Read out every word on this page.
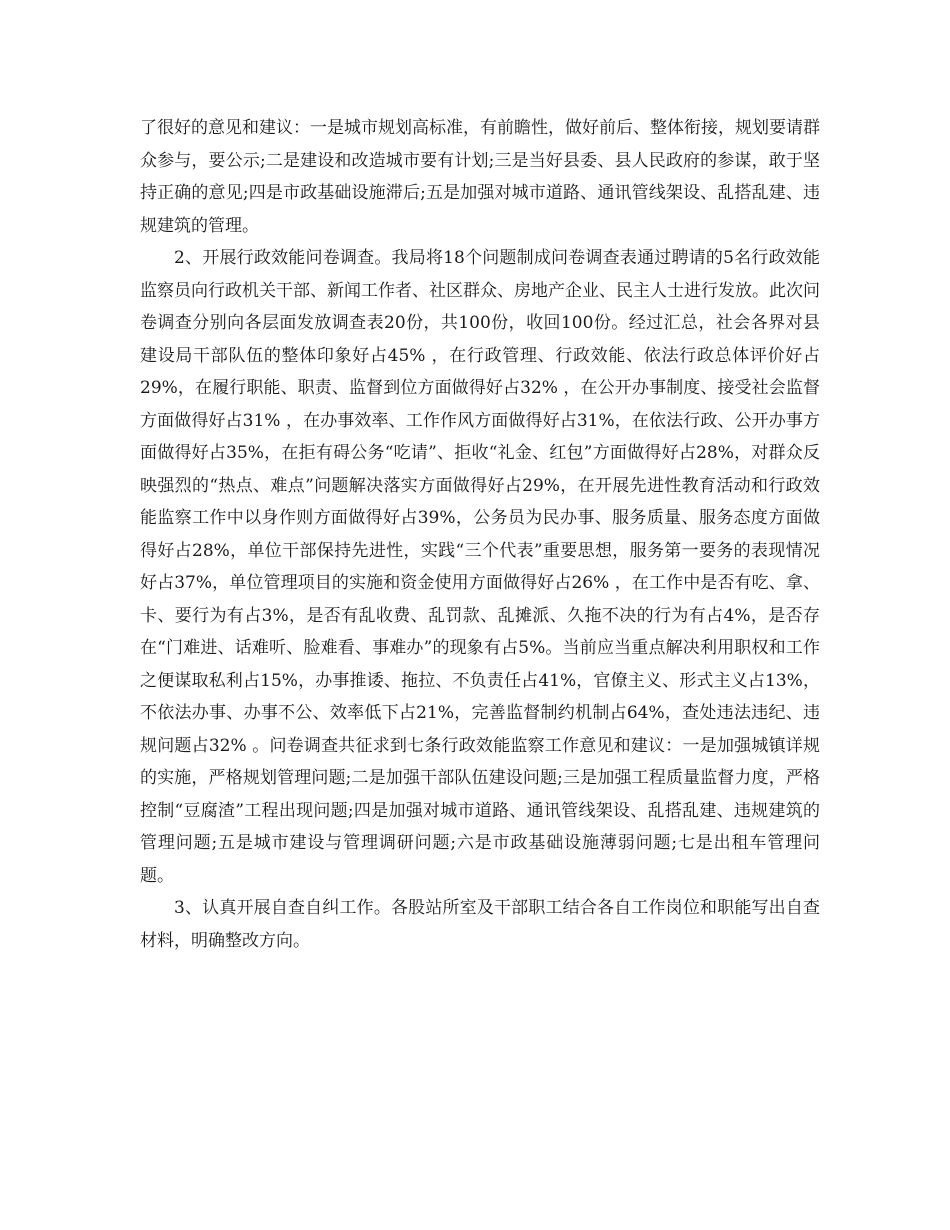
了很好的意见和建议：一是城市规划高标准，有前瞻性，做好前后、整体衔接，规划要请群众参与，要公示;二是建设和改造城市要有计划;三是当好县委、县人民政府的参谋，敢于坚持正确的意见;四是市政基础设施滞后;五是加强对城市道路、通讯管线架设、乱搭乱建、违规建筑的管理。

2、开展行政效能问卷调查。我局将18个问题制成问卷调查表通过聘请的5名行政效能监察员向行政机关干部、新闻工作者、社区群众、房地产企业、民主人士进行发放。此次问卷调查分别向各层面发放调查表20份，共100份，收回100份。经过汇总，社会各界对县建设局干部队伍的整体印象好占45% ，在行政管理、行政效能、依法行政总体评价好占29%，在履行职能、职责、监督到位方面做得好占32% ，在公开办事制度、接受社会监督方面做得好占31% ，在办事效率、工作作风方面做得好占31%，在依法行政、公开办事方面做得好占35%，在拒有碍公务“吃请”、拒收“礼金、红包”方面做得好占28%，对群众反映强烈的“热点、难点”问题解决落实方面做得好占29%，在开展先进性教育活动和行政效能监察工作中以身作则方面做得好占39%，公务员为民办事、服务质量、服务态度方面做得好占28%，单位干部保持先进性，实践“三个代表”重要思想，服务第一要务的表现情况好占37%，单位管理项目的实施和资金使用方面做得好占26% ，在工作中是否有吃、拿、卡、要行为有占3%，是否有乱收费、乱罚款、乱摊派、久拖不决的行为有占4%，是否存在“门难进、话难听、脸难看、事难办”的现象有占5%。当前应当重点解决利用职权和工作之便谋取私利占15%，办事推诿、拖拉、不负责任占41%，官僚主义、形式主义占13%，不依法办事、办事不公、效率低下占21%，完善监督制约机制占64%，查处违法违纪、违规问题占32% 。问卷调查共征求到七条行政效能监察工作意见和建议：一是加强城镇详规的实施，严格规划管理问题;二是加强干部队伍建设问题;三是加强工程质量监督力度，严格控制“豆腐渣”工程出现问题;四是加强对城市道路、通讯管线架设、乱搭乱建、违规建筑的管理问题;五是城市建设与管理调研问题;六是市政基础设施薄弱问题;七是出租车管理问题。

3、认真开展自查自纠工作。各股站所室及干部职工结合各自工作岗位和职能写出自查材料，明确整改方向。
